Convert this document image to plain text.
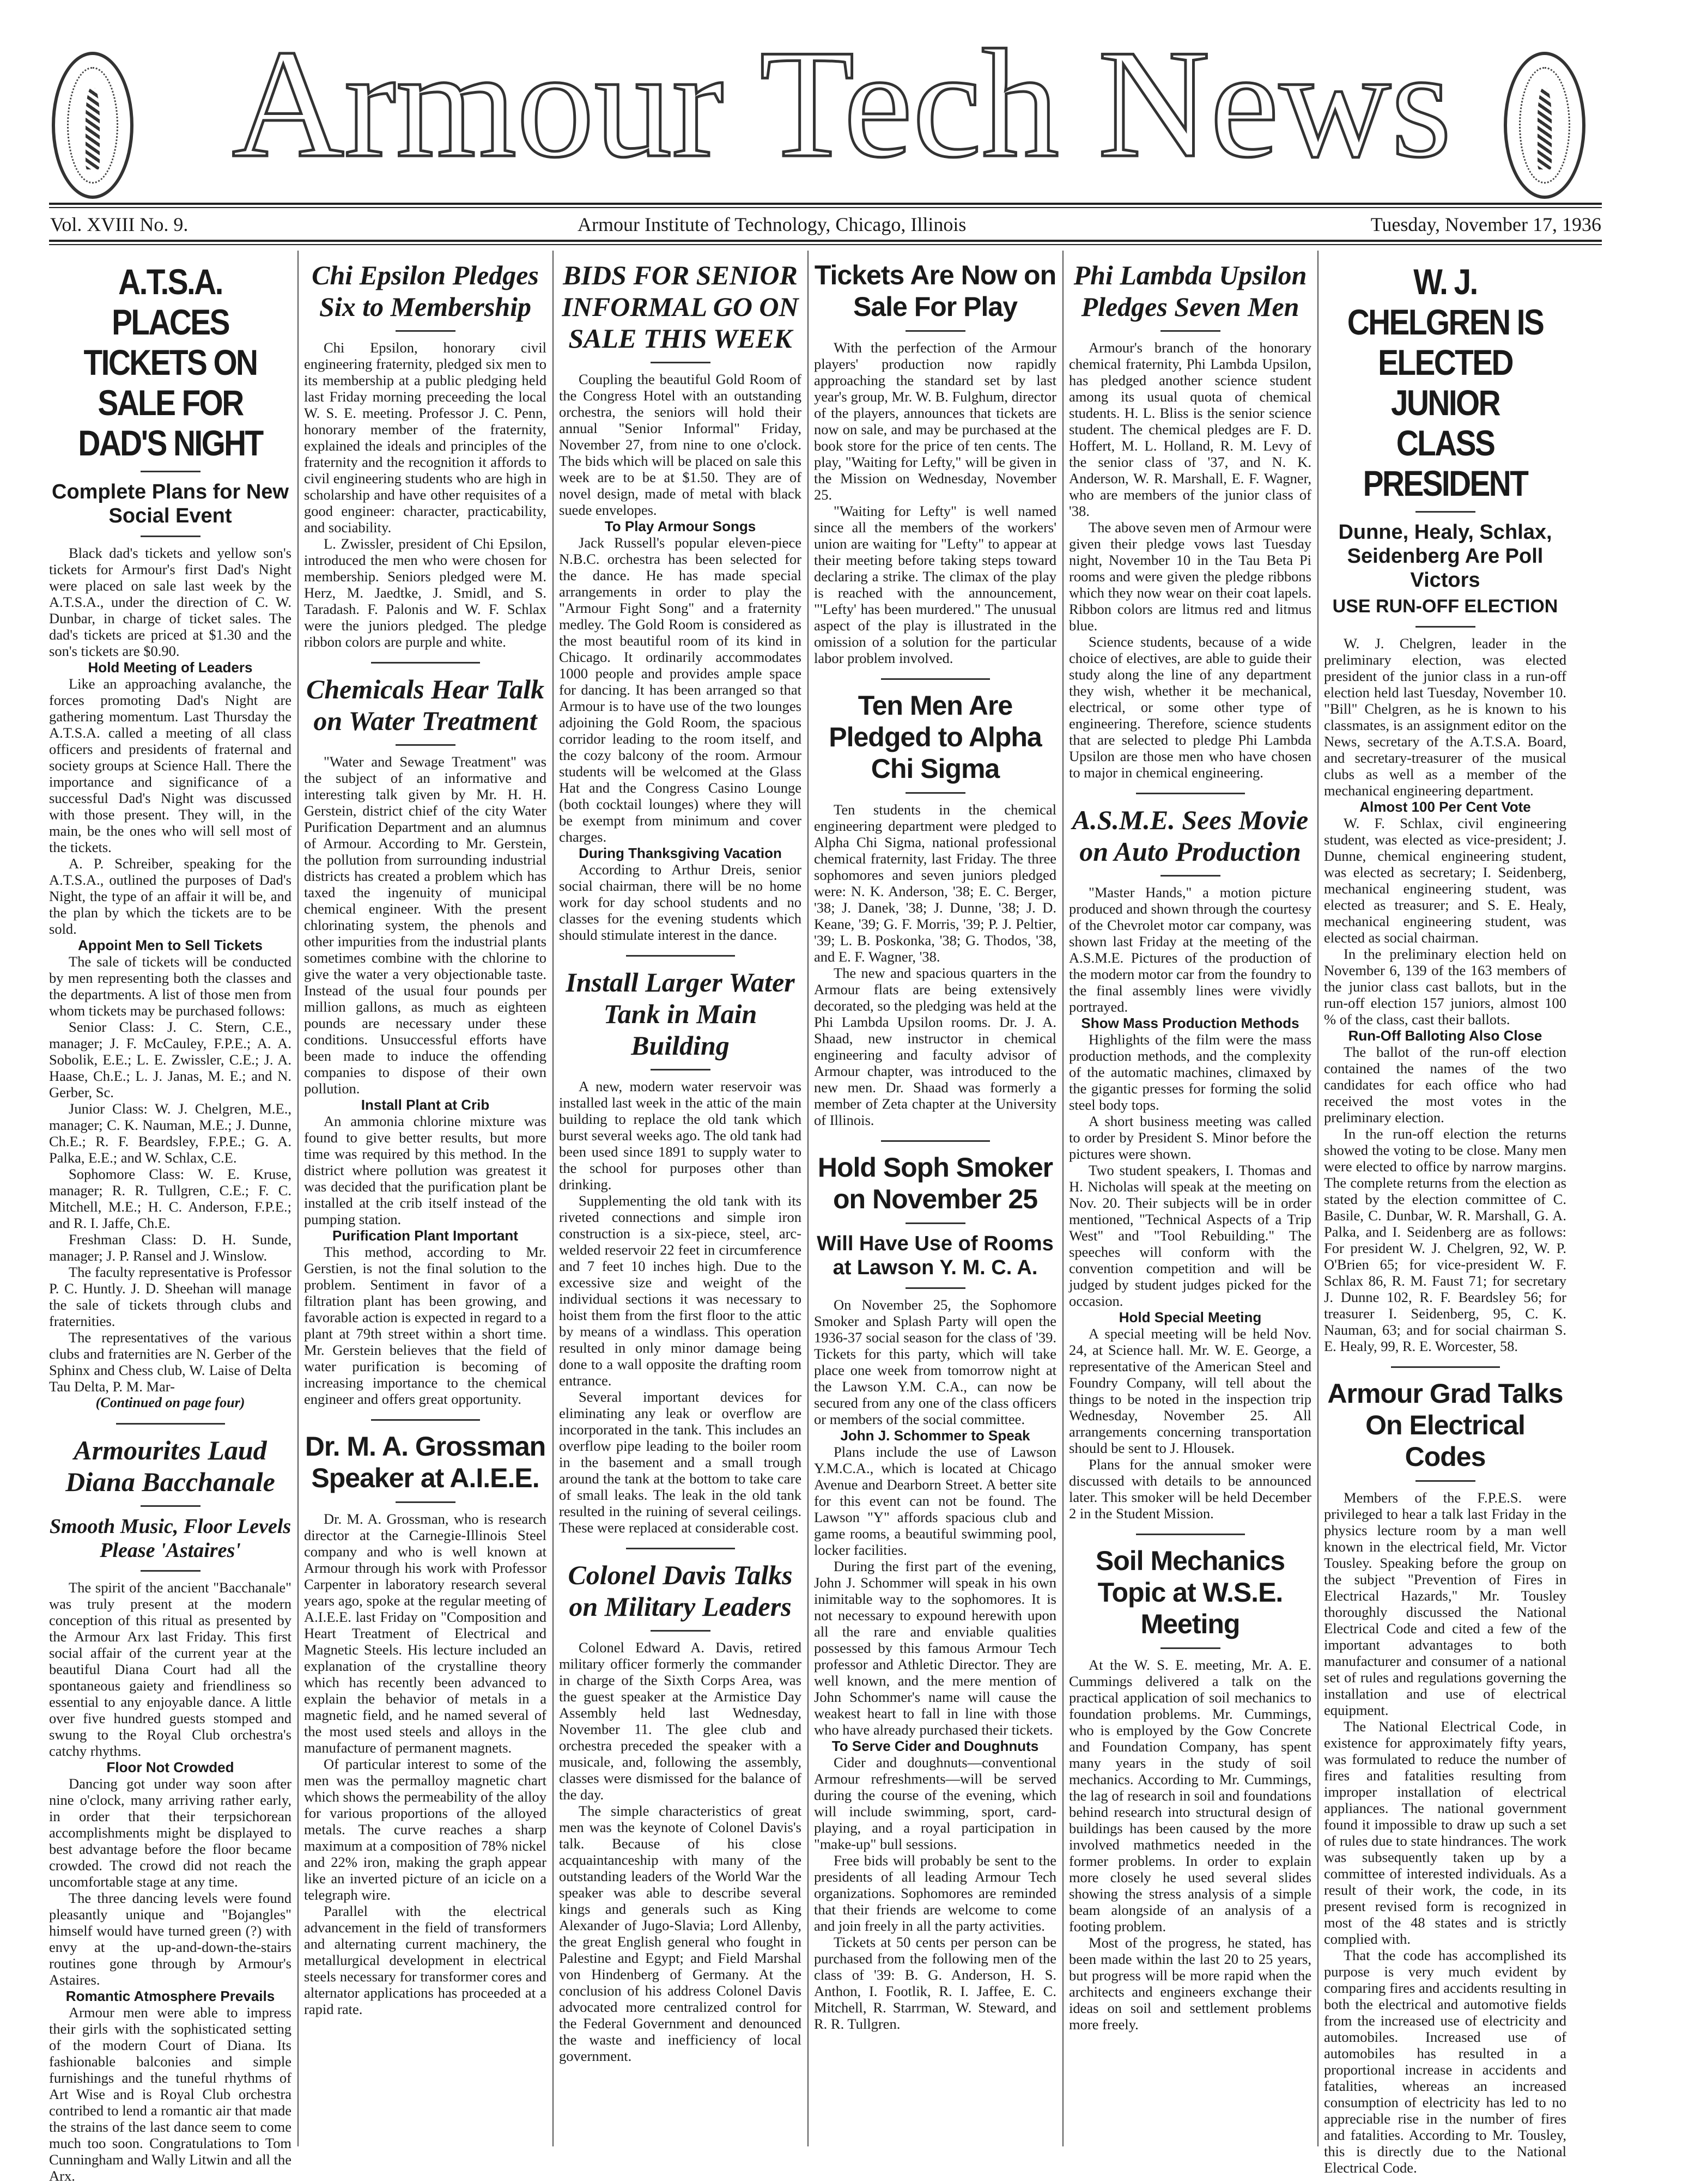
Armour Tech News
Vol. XVIII No. 9.	Armour Institute of Technology, Chicago, Illinois	Tuesday, November 17, 1936
A.T.S.A. PLACES TICKETS ON SALE FOR DAD'S NIGHT
Complete Plans for New Social Event

Black dad's tickets and yellow son's tickets for Armour's first Dad's Night were placed on sale last week by the A.T.S.A., under the direction of C. W. Dunbar, in charge of ticket sales. The dad's tickets are priced at $1.30 and the son's tickets are $0.90.

Hold Meeting of Leaders

Like an approaching avalanche, the forces promoting Dad's Night are gathering momentum. Last Thursday the A.T.S.A. called a meeting of all class officers and presidents of fraternal and society groups at Science Hall. There the importance and significance of a successful Dad's Night was discussed with those present. They will, in the main, be the ones who will sell most of the tickets.

A. P. Schreiber, speaking for the A.T.S.A., outlined the purposes of Dad's Night, the type of an affair it will be, and the plan by which the tickets are to be sold.

Appoint Men to Sell Tickets

The sale of tickets will be conducted by men representing both the classes and the departments. A list of those men from whom tickets may be purchased follows:

Senior Class: J. C. Stern, C.E., manager; J. F. McCauley, F.P.E.; A. A. Sobolik, E.E.; L. E. Zwissler, C.E.; J. A. Haase, Ch.E.; L. J. Janas, M. E.; and N. Gerber, Sc.

Junior Class: W. J. Chelgren, M.E., manager; C. K. Nauman, M.E.; J. Dunne, Ch.E.; R. F. Beardsley, F.P.E.; G. A. Palka, E.E.; and W. Schlax, C.E.

Sophomore Class: W. E. Kruse, manager; R. R. Tullgren, C.E.; F. C. Mitchell, M.E.; H. C. Anderson, F.P.E.; and R. I. Jaffe, Ch.E.

Freshman Class: D. H. Sunde, manager; J. P. Ransel and J. Winslow.

The faculty representative is Professor P. C. Huntly. J. D. Sheehan will manage the sale of tickets through clubs and fraternities.

The representatives of the various clubs and fraternities are N. Gerber of the Sphinx and Chess club, W. Laise of Delta Tau Delta, P. M. Mar-

(Continued on page four)
Armourites Laud Diana Bacchanale
Smooth Music, Floor Levels Please 'Astaires'

The spirit of the ancient "Bacchanale" was truly present at the modern conception of this ritual as presented by the Armour Arx last Friday. This first social affair of the current year at the beautiful Diana Court had all the spontaneous gaiety and friendliness so essential to any enjoyable dance. A little over five hundred guests stomped and swung to the Royal Club orchestra's catchy rhythms.

Floor Not Crowded

Dancing got under way soon after nine o'clock, many arriving rather early, in order that their terpsichorean accomplishments might be displayed to best advantage before the floor became crowded. The crowd did not reach the uncomfortable stage at any time.

The three dancing levels were found pleasantly unique and "Bojangles" himself would have turned green (?) with envy at the up-and-down-the-stairs routines gone through by Armour's Astaires.

Romantic Atmosphere Prevails

Armour men were able to impress their girls with the sophisticated setting of the modern Court of Diana. Its fashionable balconies and simple furnishings and the tuneful rhythms of Art Wise and is Royal Club orchestra contribed to lend a romantic air that made the strains of the last dance seem to come much too soon. Congratulations to Tom Cunningham and Wally Litwin and all the Arx.

Chi Epsilon Pledges Six to Membership

Chi Epsilon, honorary civil engineering fraternity, pledged six men to its membership at a public pledging held last Friday morning preceeding the local W. S. E. meeting. Professor J. C. Penn, honorary member of the fraternity, explained the ideals and principles of the fraternity and the recognition it affords to civil engineering students who are high in scholarship and have other requisites of a good engineer: character, practicability, and sociability.

L. Zwissler, president of Chi Epsilon, introduced the men who were chosen for membership. Seniors pledged were M. Herz, M. Jaedtke, J. Smidl, and S. Taradash. F. Palonis and W. F. Schlax were the juniors pledged. The pledge ribbon colors are purple and white.

Chemicals Hear Talk on Water Treatment

"Water and Sewage Treatment" was the subject of an informative and interesting talk given by Mr. H. H. Gerstein, district chief of the city Water Purification Department and an alumnus of Armour. According to Mr. Gerstein, the pollution from surrounding industrial districts has created a problem which has taxed the ingenuity of municipal chemical engineer. With the present chlorinating system, the phenols and other impurities from the industrial plants sometimes combine with the chlorine to give the water a very objectionable taste. Instead of the usual four pounds per million gallons, as much as eighteen pounds are necessary under these conditions. Unsuccessful efforts have been made to induce the offending companies to dispose of their own pollution.

Install Plant at Crib

An ammonia chlorine mixture was found to give better results, but more time was required by this method. In the district where pollution was greatest it was decided that the purification plant be installed at the crib itself instead of the pumping station.

Purification Plant Important

This method, according to Mr. Gerstien, is not the final solution to the problem. Sentiment in favor of a filtration plant has been growing, and favorable action is expected in regard to a plant at 79th street within a short time. Mr. Gerstein believes that the field of water purification is becoming of increasing importance to the chemical engineer and offers great opportunity.

Dr. M. A. Grossman Speaker at A.I.E.E.

Dr. M. A. Grossman, who is research director at the Carnegie-Illinois Steel company and who is well known at Armour through his work with Professor Carpenter in laboratory research several years ago, spoke at the regular meeting of A.I.E.E. last Friday on "Composition and Heart Treatment of Electrical and Magnetic Steels. His lecture included an explanation of the crystalline theory which has recently been advanced to explain the behavior of metals in a magnetic field, and he named several of the most used steels and alloys in the manufacture of permanent magnets.

Of particular interest to some of the men was the permalloy magnetic chart which shows the permeability of the alloy for various proportions of the alloyed metals. The curve reaches a sharp maximum at a composition of 78% nickel and 22% iron, making the graph appear like an inverted picture of an icicle on a telegraph wire.

Parallel with the electrical advancement in the field of transformers and alternating current machinery, the metallurgical development in electrical steels necessary for transformer cores and alternator applications has proceeded at a rapid rate.

BIDS FOR SENIOR INFORMAL GO ON SALE THIS WEEK

Coupling the beautiful Gold Room of the Congress Hotel with an outstanding orchestra, the seniors will hold their annual "Senior Informal" Friday, November 27, from nine to one o'clock. The bids which will be placed on sale this week are to be at $1.50. They are of novel design, made of metal with black suede envelopes.

To Play Armour Songs

Jack Russell's popular eleven-piece N.B.C. orchestra has been selected for the dance. He has made special arrangements in order to play the "Armour Fight Song" and a fraternity medley. The Gold Room is considered as the most beautiful room of its kind in Chicago. It ordinarily accommodates 1000 people and provides ample space for dancing. It has been arranged so that Armour is to have use of the two lounges adjoining the Gold Room, the spacious corridor leading to the room itself, and the cozy balcony of the room. Armour students will be welcomed at the Glass Hat and the Congress Casino Lounge (both cocktail lounges) where they will be exempt from minimum and cover charges.

During Thanksgiving Vacation

According to Arthur Dreis, senior social chairman, there will be no home work for day school students and no classes for the evening students which should stimulate interest in the dance.

Install Larger Water Tank in Main Building

A new, modern water reservoir was installed last week in the attic of the main building to replace the old tank which burst several weeks ago. The old tank had been used since 1891 to supply water to the school for purposes other than drinking.

Supplementing the old tank with its riveted connections and simple iron construction is a six-piece, steel, arc-welded reservoir 22 feet in circumference and 7 feet 10 inches high. Due to the excessive size and weight of the individual sections it was necessary to hoist them from the first floor to the attic by means of a windlass. This operation resulted in only minor damage being done to a wall opposite the drafting room entrance.

Several important devices for eliminating any leak or overflow are incorporated in the tank. This includes an overflow pipe leading to the boiler room in the basement and a small trough around the tank at the bottom to take care of small leaks. The leak in the old tank resulted in the ruining of several ceilings. These were replaced at considerable cost.

Colonel Davis Talks on Military Leaders

Colonel Edward A. Davis, retired military officer formerly the commander in charge of the Sixth Corps Area, was the guest speaker at the Armistice Day Assembly held last Wednesday, November 11. The glee club and orchestra preceded the speaker with a musicale, and, following the assembly, classes were dismissed for the balance of the day.

The simple characteristics of great men was the keynote of Colonel Davis's talk. Because of his close acquaintanceship with many of the outstanding leaders of the World War the speaker was able to describe several kings and generals such as King Alexander of Jugo-Slavia; Lord Allenby, the great English general who fought in Palestine and Egypt; and Field Marshal von Hindenberg of Germany. At the conclusion of his address Colonel Davis advocated more centralized control for the Federal Government and denounced the waste and inefficiency of local government.

Tickets Are Now on Sale For Play

With the perfection of the Armour players' production now rapidly approaching the standard set by last year's group, Mr. W. B. Fulghum, director of the players, announces that tickets are now on sale, and may be purchased at the book store for the price of ten cents. The play, "Waiting for Lefty," will be given in the Mission on Wednesday, November 25.

"Waiting for Lefty" is well named since all the members of the workers' union are waiting for "Lefty" to appear at their meeting before taking steps toward declaring a strike. The climax of the play is reached with the announcement, "'Lefty' has been murdered." The unusual aspect of the play is illustrated in the omission of a solution for the particular labor problem involved.

Ten Men Are Pledged to Alpha Chi Sigma

Ten students in the chemical engineering department were pledged to Alpha Chi Sigma, national professional chemical fraternity, last Friday. The three sophomores and seven juniors pledged were: N. K. Anderson, '38; E. C. Berger, '38; J. Danek, '38; J. Dunne, '38; J. D. Keane, '39; G. F. Morris, '39; P. J. Peltier, '39; L. B. Poskonka, '38; G. Thodos, '38, and E. F. Wagner, '38.

The new and spacious quarters in the Armour flats are being extensively decorated, so the pledging was held at the Phi Lambda Upsilon rooms. Dr. J. A. Shaad, new instructor in chemical engineering and faculty advisor of Armour chapter, was introduced to the new men. Dr. Shaad was formerly a member of Zeta chapter at the University of Illinois.

Hold Soph Smoker on November 25
Will Have Use of Rooms at Lawson Y. M. C. A.

On November 25, the Sophomore Smoker and Splash Party will open the 1936-37 social season for the class of '39. Tickets for this party, which will take place one week from tomorrow night at the Lawson Y.M. C.A., can now be secured from any one of the class officers or members of the social committee.

John J. Schommer to Speak

Plans include the use of Lawson Y.M.C.A., which is located at Chicago Avenue and Dearborn Street. A better site for this event can not be found. The Lawson "Y" affords spacious club and game rooms, a beautiful swimming pool, locker facilities.

During the first part of the evening, John J. Schommer will speak in his own inimitable way to the sophomores. It is not necessary to expound herewith upon all the rare and enviable qualities possessed by this famous Armour Tech professor and Athletic Director. They are well known, and the mere mention of John Schommer's name will cause the weakest heart to fall in line with those who have already purchased their tickets.

To Serve Cider and Doughnuts

Cider and doughnuts—conventional Armour refreshments—will be served during the course of the evening, which will include swimming, sport, card-playing, and a royal participation in "make-up" bull sessions.

Free bids will probably be sent to the presidents of all leading Armour Tech organizations. Sophomores are reminded that their friends are welcome to come and join freely in all the party activities.

Tickets at 50 cents per person can be purchased from the following men of the class of '39: B. G. Anderson, H. S. Anthon, I. Footlik, R. I. Jaffee, E. C. Mitchell, R. Starrman, W. Steward, and R. R. Tullgren.

Phi Lambda Upsilon Pledges Seven Men

Armour's branch of the honorary chemical fraternity, Phi Lambda Upsilon, has pledged another science student among its usual quota of chemical students. H. L. Bliss is the senior science student. The chemical pledges are F. D. Hoffert, M. L. Holland, R. M. Levy of the senior class of '37, and N. K. Anderson, W. R. Marshall, E. F. Wagner, who are members of the junior class of '38.

The above seven men of Armour were given their pledge vows last Tuesday night, November 10 in the Tau Beta Pi rooms and were given the pledge ribbons which they now wear on their coat lapels. Ribbon colors are litmus red and litmus blue.

Science students, because of a wide choice of electives, are able to guide their study along the line of any department they wish, whether it be mechanical, electrical, or some other type of engineering. Therefore, science students that are selected to pledge Phi Lambda Upsilon are those men who have chosen to major in chemical engineering.

A.S.M.E. Sees Movie on Auto Production

"Master Hands," a motion picture produced and shown through the courtesy of the Chevrolet motor car company, was shown last Friday at the meeting of the A.S.M.E. Pictures of the production of the modern motor car from the foundry to the final assembly lines were vividly portrayed.

Show Mass Production Methods

Highlights of the film were the mass production methods, and the complexity of the automatic machines, climaxed by the gigantic presses for forming the solid steel body tops.

A short business meeting was called to order by President S. Minor before the pictures were shown.

Two student speakers, I. Thomas and H. Nicholas will speak at the meeting on Nov. 20. Their subjects will be in order mentioned, "Technical Aspects of a Trip West" and "Tool Rebuilding." The speeches will conform with the convention competition and will be judged by student judges picked for the occasion.

Hold Special Meeting

A special meeting will be held Nov. 24, at Science hall. Mr. W. E. George, a representative of the American Steel and Foundry Company, will tell about the things to be noted in the inspection trip Wednesday, November 25. All arrangements concerning transportation should be sent to J. Hlousek.

Plans for the annual smoker were discussed with details to be announced later. This smoker will be held December 2 in the Student Mission.

Soil Mechanics Topic at W.S.E. Meeting

At the W. S. E. meeting, Mr. A. E. Cummings delivered a talk on the practical application of soil mechanics to foundation problems. Mr. Cummings, who is employed by the Gow Concrete and Foundation Company, has spent many years in the study of soil mechanics. According to Mr. Cummings, the lag of research in soil and foundations behind research into structural design of buildings has been caused by the more involved mathmetics needed in the former problems. In order to explain more closely he used several slides showing the stress analysis of a simple beam alongside of an analysis of a footing problem.

Most of the progress, he stated, has been made within the last 20 to 25 years, but progress will be more rapid when the architects and engineers exchange their ideas on soil and settlement problems more freely.

W. J. CHELGREN IS ELECTED JUNIOR CLASS PRESIDENT
Dunne, Healy, Schlax, Seidenberg Are Poll Victors
USE RUN-OFF ELECTION

W. J. Chelgren, leader in the preliminary election, was elected president of the junior class in a run-off election held last Tuesday, November 10. "Bill" Chelgren, as he is known to his classmates, is an assignment editor on the News, secretary of the A.T.S.A. Board, and secretary-treasurer of the musical clubs as well as a member of the mechanical engineering department.

Almost 100 Per Cent Vote

W. F. Schlax, civil engineering student, was elected as vice-president; J. Dunne, chemical engineering student, was elected as secretary; I. Seidenberg, mechanical engineering student, was elected as treasurer; and S. E. Healy, mechanical engineering student, was elected as social chairman.

In the preliminary election held on November 6, 139 of the 163 members of the junior class cast ballots, but in the run-off election 157 juniors, almost 100 % of the class, cast their ballots.

Run-Off Balloting Also Close

The ballot of the run-off election contained the names of the two candidates for each office who had received the most votes in the preliminary election.

In the run-off election the returns showed the voting to be close. Many men were elected to office by narrow margins. The complete returns from the election as stated by the election committee of C. Basile, C. Dunbar, W. R. Marshall, G. A. Palka, and I. Seidenberg are as follows: For president W. J. Chelgren, 92, W. P. O'Brien 65; for vice-president W. F. Schlax 86, R. M. Faust 71; for secretary J. Dunne 102, R. F. Beardsley 56; for treasurer I. Seidenberg, 95, C. K. Nauman, 63; and for social chairman S. E. Healy, 99, R. E. Worcester, 58.

Armour Grad Talks On Electrical Codes

Members of the F.P.E.S. were privileged to hear a talk last Friday in the physics lecture room by a man well known in the electrical field, Mr. Victor Tousley. Speaking before the group on the subject "Prevention of Fires in Electrical Hazards," Mr. Tousley thoroughly discussed the National Electrical Code and cited a few of the important advantages to both manufacturer and consumer of a national set of rules and regulations governing the installation and use of electrical equipment.

The National Electrical Code, in existence for approximately fifty years, was formulated to reduce the number of fires and fatalities resulting from improper installation of electrical appliances. The national government found it impossible to draw up such a set of rules due to state hindrances. The work was subsequently taken up by a committee of interested individuals. As a result of their work, the code, in its present revised form is recognized in most of the 48 states and is strictly complied with.

That the code has accomplished its purpose is very much evident by comparing fires and accidents resulting in both the electrical and automotive fields from the increased use of electricity and automobiles. Increased use of automobiles has resulted in a proportional increase in accidents and fatalities, whereas an increased consumption of electricity has led to no appreciable rise in the number of fires and fatalities. According to Mr. Tousley, this is directly due to the National Electrical Code.
